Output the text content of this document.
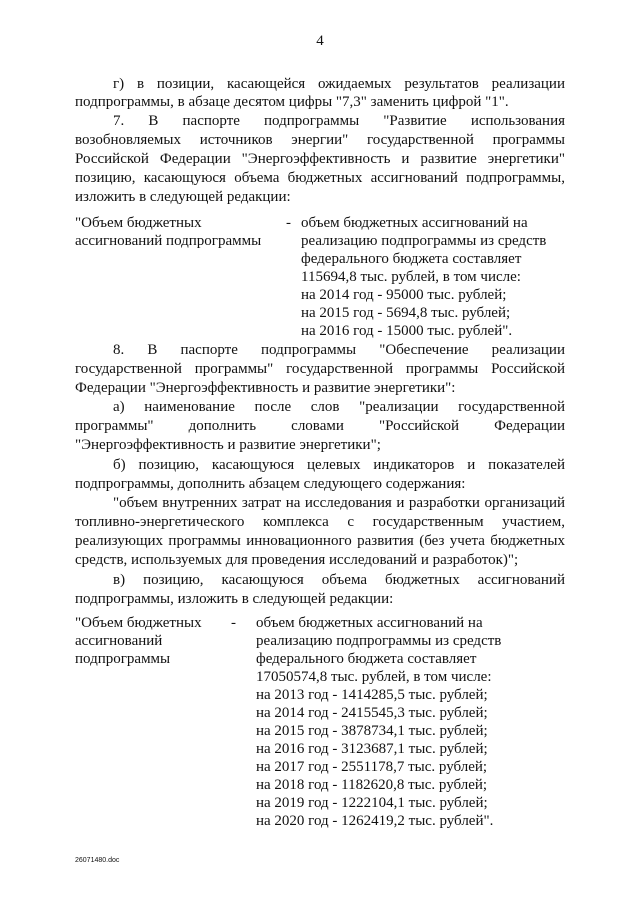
4
г) в позиции, касающейся ожидаемых результатов реализации
подпрограммы, в абзаце десятом цифры "7,3" заменить цифрой "1".
7. В паспорте подпрограммы "Развитие использования
возобновляемых источников энергии" государственной программы
Российской Федерации "Энергоэффективность и развитие энергетики"
позицию, касающуюся объема бюджетных ассигнований подпрограммы,
изложить в следующей редакции:
"Объем бюджетных
ассигнований подпрограммы
- объем бюджетных ассигнований на
реализацию подпрограммы из средств
федерального бюджета составляет
115694,8 тыс. рублей, в том числе:
на 2014 год - 95000 тыс. рублей;
на 2015 год - 5694,8 тыс. рублей;
на 2016 год - 15000 тыс. рублей".
8. В паспорте подпрограммы "Обеспечение реализации
государственной программы" государственной программы Российской
Федерации "Энергоэффективность и развитие энергетики":
а) наименование после слов "реализации государственной
программы" дополнить словами "Российской Федерации
"Энергоэффективность и развитие энергетики";
б) позицию, касающуюся целевых индикаторов и показателей
подпрограммы, дополнить абзацем следующего содержания:
"объем внутренних затрат на исследования и разработки организаций
топливно-энергетического комплекса с государственным участием,
реализующих программы инновационного развития (без учета бюджетных
средств, используемых для проведения исследований и разработок)";
в) позицию, касающуюся объема бюджетных ассигнований
подпрограммы, изложить в следующей редакции:
"Объем бюджетных
ассигнований
подпрограммы
- объем бюджетных ассигнований на
реализацию подпрограммы из средств
федерального бюджета составляет
17050574,8 тыс. рублей, в том числе:
на 2013 год - 1414285,5 тыс. рублей;
на 2014 год - 2415545,3 тыс. рублей;
на 2015 год - 3878734,1 тыс. рублей;
на 2016 год - 3123687,1 тыс. рублей;
на 2017 год - 2551178,7 тыс. рублей;
на 2018 год - 1182620,8 тыс. рублей;
на 2019 год - 1222104,1 тыс. рублей;
на 2020 год - 1262419,2 тыс. рублей".
26071480.doc
